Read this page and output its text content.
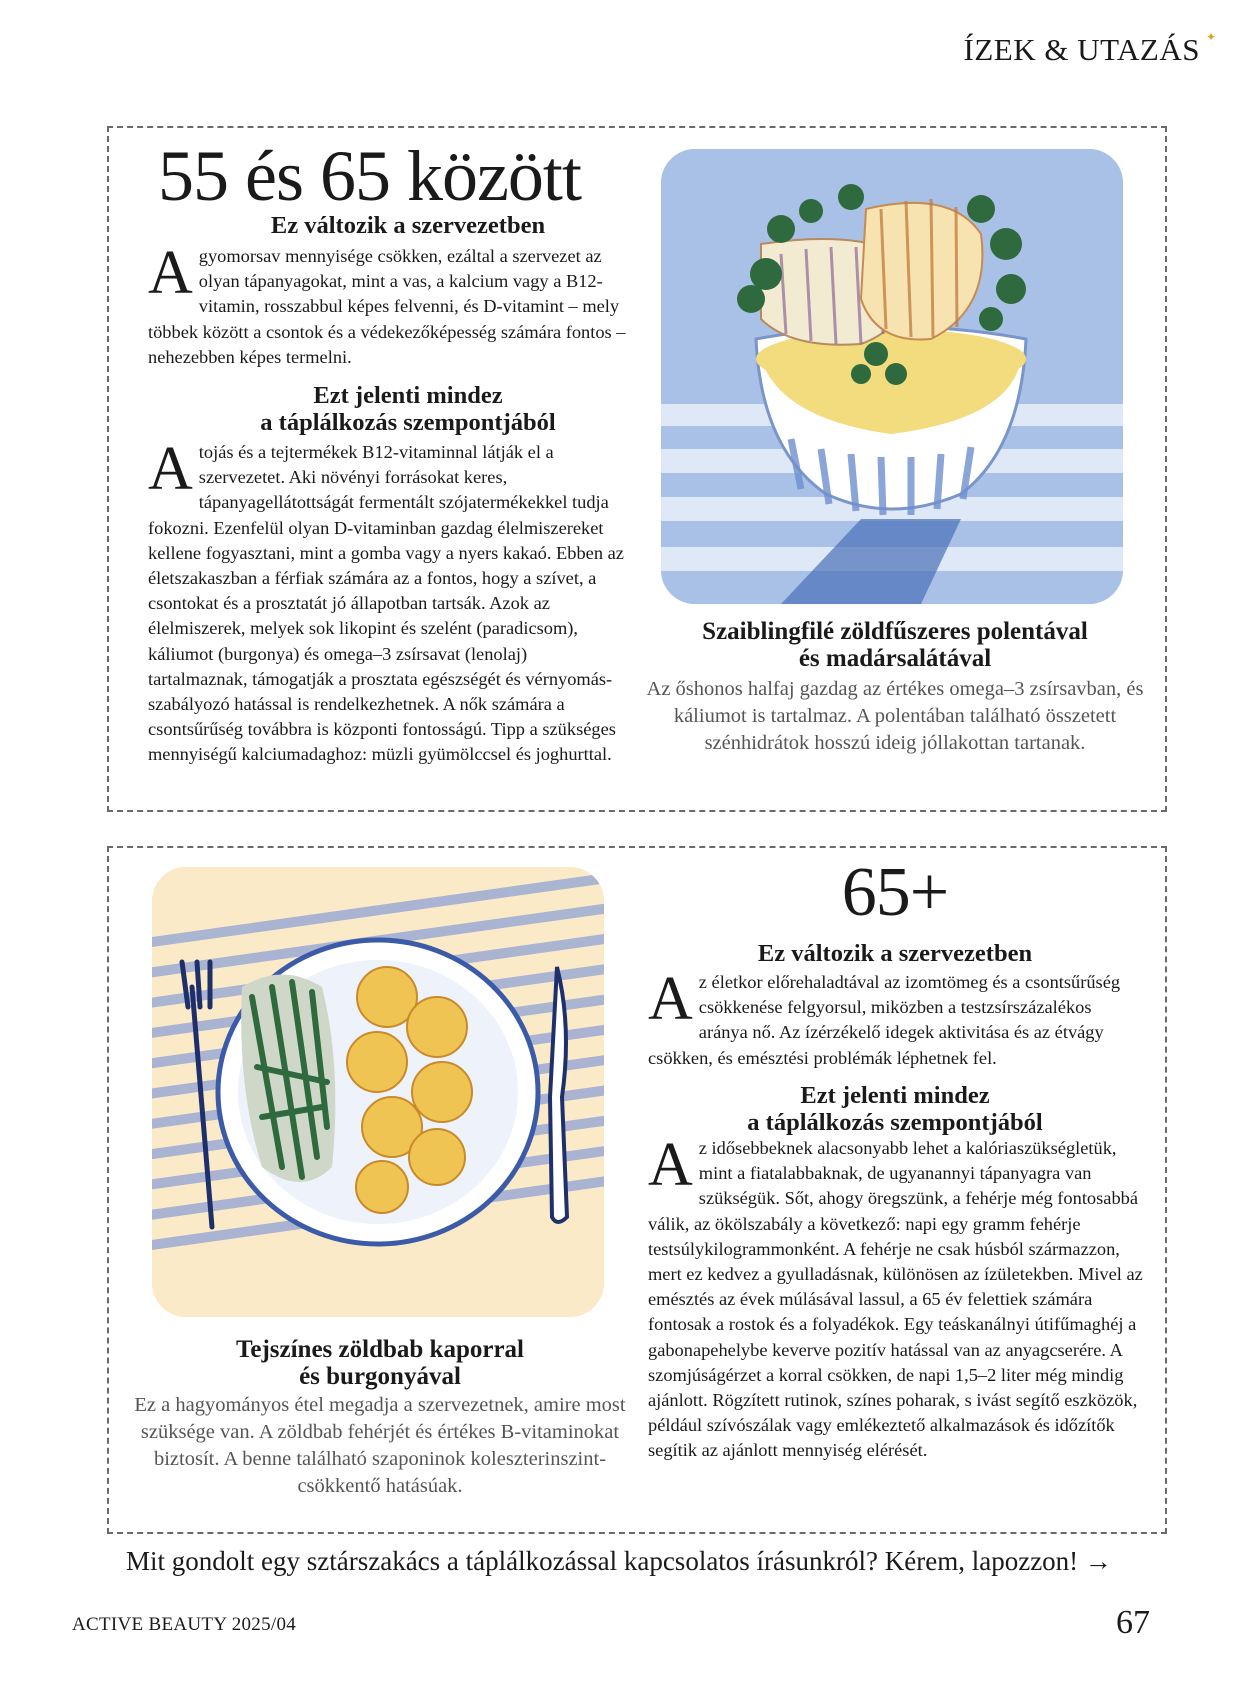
ÍZEK & UTAZÁS ✦
55 és 65 között
Ez változik a szervezetben
Agyomorsav mennyisége csökken, ezáltal a szervezet az olyan tápanyagokat, mint a vas, a kalcium vagy a B12-vitamin, rosszabbul képes felvenni, és D-vitamint – mely többek között a csontok és a védekezőképesség számára fontos – nehezebben képes termelni.
Ezt jelenti mindez
a táplálkozás szempontjából
Atojás és a tejtermékek B12-vitaminnal látják el a szervezetet. Aki növényi forrásokat keres, tápanyagellátottságát fermentált szójatermékekkel tudja fokozni. Ezenfelül olyan D-vitaminban gazdag élelmiszereket kellene fogyasztani, mint a gomba vagy a nyers kakaó. Ebben az életszakaszban a férfiak számára az a fontos, hogy a szívet, a csontokat és a prosztatát jó állapotban tartsák. Azok az élelmiszerek, melyek sok likopint és szelént (paradicsom), káliumot (burgonya) és omega–3 zsírsavat (lenolaj) tartalmaznak, támogatják a prosztata egészségét és vérnyomás-szabályozó hatással is rendelkezhetnek. A nők számára a csontsűrűség továbbra is központi fontosságú. Tipp a szükséges mennyiségű kalciumadaghoz: müzli gyümölccsel és joghurttal.
Szaiblingfilé zöldfűszeres polentával
és madársalátával
Az őshonos halfaj gazdag az értékes omega–3 zsírsavban, és káliumot is tartalmaz. A polentában található összetett szénhidrátok hosszú ideig jóllakottan tartanak.
Tejszínes zöldbab kaporral
és burgonyával
Ez a hagyományos étel megadja a szervezetnek, amire most szüksége van. A zöldbab fehérjét és értékes B-vitaminokat biztosít. A benne található szaponinok koleszterinszint-csökkentő hatásúak.
65+
Ez változik a szervezetben
Az életkor előrehaladtával az izomtömeg és a csontsűrűség csökkenése felgyorsul, miközben a testzsírszázalékos aránya nő. Az ízérzékelő idegek aktivitása és az étvágy csökken, és emésztési problémák léphetnek fel.
Ezt jelenti mindez
a táplálkozás szempontjából
Az idősebbeknek alacsonyabb lehet a kalóriaszükségletük, mint a fiatalabbaknak, de ugyanannyi tápanyagra van szükségük. Sőt, ahogy öregszünk, a fehérje még fontosabbá válik, az ökölszabály a következő: napi egy gramm fehérje testsúlykilogrammonként. A fehérje ne csak húsból származzon, mert ez kedvez a gyulladásnak, különösen az ízületekben. Mivel az emésztés az évek múlásával lassul, a 65 év felettiek számára fontosak a rostok és a folyadékok. Egy teáskanálnyi útifűmaghéj a gabonapehelybe keverve pozitív hatással van az anyagcserére. A szomjúságérzet a korral csökken, de napi 1,5–2 liter még mindig ajánlott. Rögzített rutinok, színes poharak, s ivást segítő eszközök, például szívószálak vagy emlékeztető alkalmazások és időzítők segítik az ajánlott mennyiség elérését.
Mit gondolt egy sztárszakács a táplálkozással kapcsolatos írásunkról? Kérem, lapozzon! →
ACTIVE BEAUTY 2025/04	67
